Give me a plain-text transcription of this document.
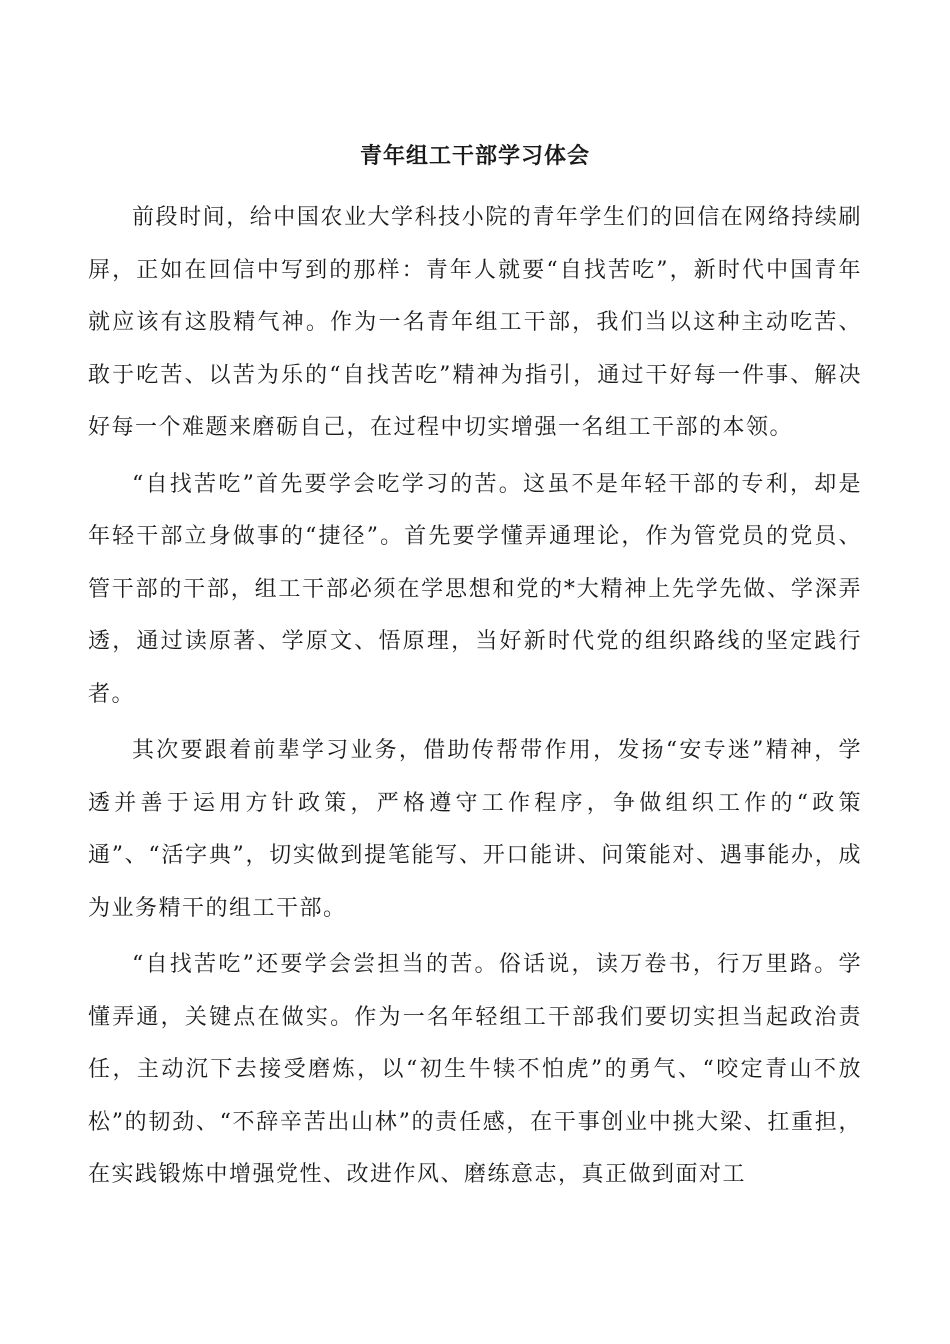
青年组工干部学习体会

前段时间，给中国农业大学科技小院的青年学生们的回信在网络持续刷屏，正如在回信中写到的那样：青年人就要“自找苦吃”，新时代中国青年就应该有这股精气神。作为一名青年组工干部，我们当以这种主动吃苦、敢于吃苦、以苦为乐的“自找苦吃”精神为指引，通过干好每一件事、解决好每一个难题来磨砺自己，在过程中切实增强一名组工干部的本领。

“自找苦吃”首先要学会吃学习的苦。这虽不是年轻干部的专利，却是年轻干部立身做事的“捷径”。首先要学懂弄通理论，作为管党员的党员、管干部的干部，组工干部必须在学思想和党的*大精神上先学先做、学深弄透，通过读原著、学原文、悟原理，当好新时代党的组织路线的坚定践行者。

其次要跟着前辈学习业务，借助传帮带作用，发扬“安专迷”精神，学透并善于运用方针政策，严格遵守工作程序，争做组织工作的“政策通”、“活字典”，切实做到提笔能写、开口能讲、问策能对、遇事能办，成为业务精干的组工干部。

“自找苦吃”还要学会尝担当的苦。俗话说，读万卷书，行万里路。学懂弄通，关键点在做实。作为一名年轻组工干部我们要切实担当起政治责任，主动沉下去接受磨炼，以“初生牛犊不怕虎”的勇气、“咬定青山不放松”的韧劲、“不辞辛苦出山林”的责任感，在干事创业中挑大梁、扛重担，在实践锻炼中增强党性、改进作风、磨练意志，真正做到面对工
